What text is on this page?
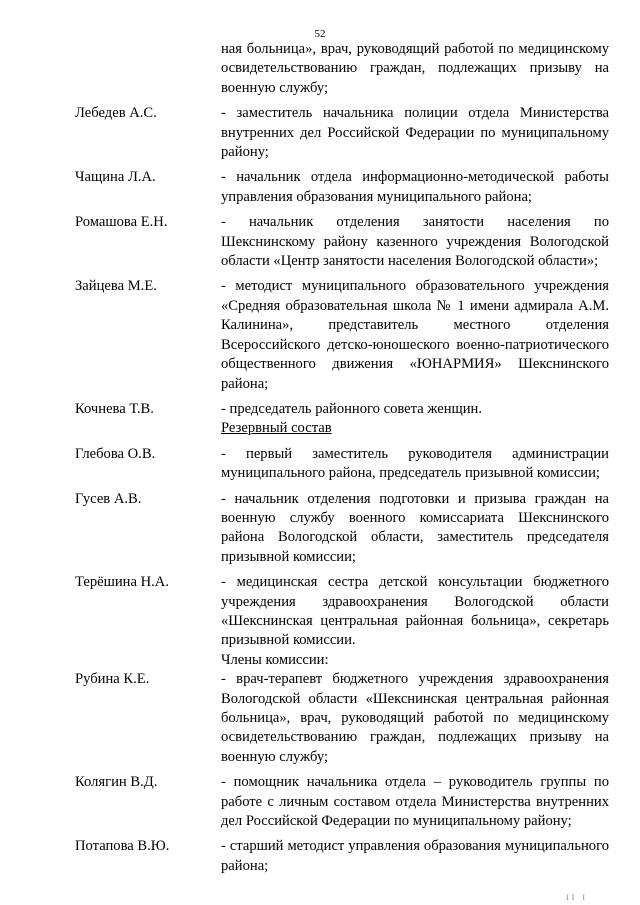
52
ная больница», врач, руководящий работой по медицинскому освидетельствованию граждан, подлежащих призыву на военную службу;
Лебедев А.С.	- заместитель начальника полиции отдела Министерства внутренних дел Российской Федерации по муниципальному району;
Чащина Л.А.	- начальник отдела информационно-методической работы управления образования муниципального района;
Ромашова Е.Н.	- начальник отделения занятости населения по Шекснинскому району казенного учреждения Вологодской области «Центр занятости населения Вологодской области»;
Зайцева М.Е.	- методист муниципального образовательного учреждения «Средняя образовательная школа № 1 имени адмирала А.М. Калинина», представитель местного отделения Всероссийского детско-юношеского военно-патриотического общественного движения «ЮНАРМИЯ» Шекснинского района;
Кочнева Т.В.	- председатель районного совета женщин.
Резервный состав
Глебова О.В.	- первый заместитель руководителя администрации муниципального района, председатель призывной комиссии;
Гусев А.В.	- начальник отделения подготовки и призыва граждан на военную службу военного комиссариата Шекснинского района Вологодской области, заместитель председателя призывной комиссии;
Терёшина Н.А.	- медицинская сестра детской консультации бюджетного учреждения здравоохранения Вологодской области «Шекснинская центральная районная больница», секретарь призывной комиссии.
Члены комиссии:
Рубина К.Е.	- врач-терапевт бюджетного учреждения здравоохранения Вологодской области «Шекснинская центральная районная больница», врач, руководящий работой по медицинскому освидетельствованию граждан, подлежащих призыву на военную службу;
Колягин В.Д.	- помощник начальника отдела – руководитель группы по работе с личным составом отдела Министерства внутренних дел Российской Федерации по муниципальному району;
Потапова В.Ю.	- старший методист управления образования муниципального района;
II I
